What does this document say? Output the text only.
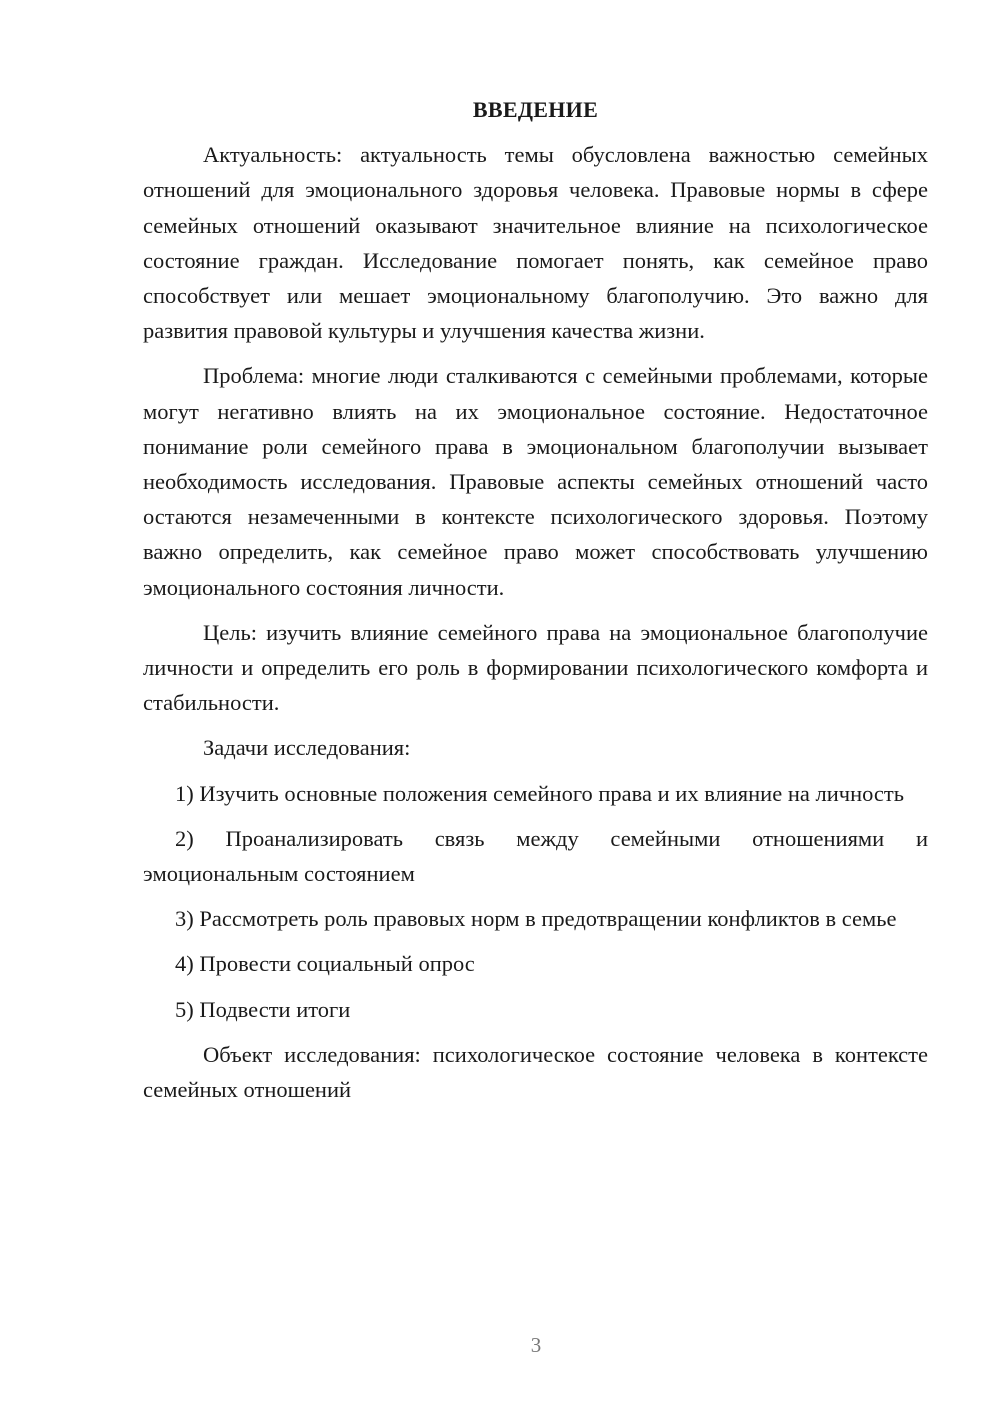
ВВЕДЕНИЕ

Актуальность: актуальность темы обусловлена важностью семейных отношений для эмоционального здоровья человека. Правовые нормы в сфере семейных отношений оказывают значительное влияние на психологическое состояние граждан. Исследование помогает понять, как семейное право способствует или мешает эмоциональному благополучию. Это важно для развития правовой культуры и улучшения качества жизни.

Проблема: многие люди сталкиваются с семейными проблемами, которые могут негативно влиять на их эмоциональное состояние. Недостаточное понимание роли семейного права в эмоциональном благополучии вызывает необходимость исследования. Правовые аспекты семейных отношений часто остаются незамеченными в контексте психологического здоровья. Поэтому важно определить, как семейное право может способствовать улучшению эмоционального состояния личности.

Цель: изучить влияние семейного права на эмоциональное благополучие личности и определить его роль в формировании психологического комфорта и стабильности.

Задачи исследования:

1) Изучить основные положения семейного права и их влияние на личность

2) Проанализировать связь между семейными отношениями и эмоциональным состоянием

3) Рассмотреть роль правовых норм в предотвращении конфликтов в семье

4) Провести социальный опрос

5) Подвести итоги

Объект исследования: психологическое состояние человека в контексте семейных отношений

3
